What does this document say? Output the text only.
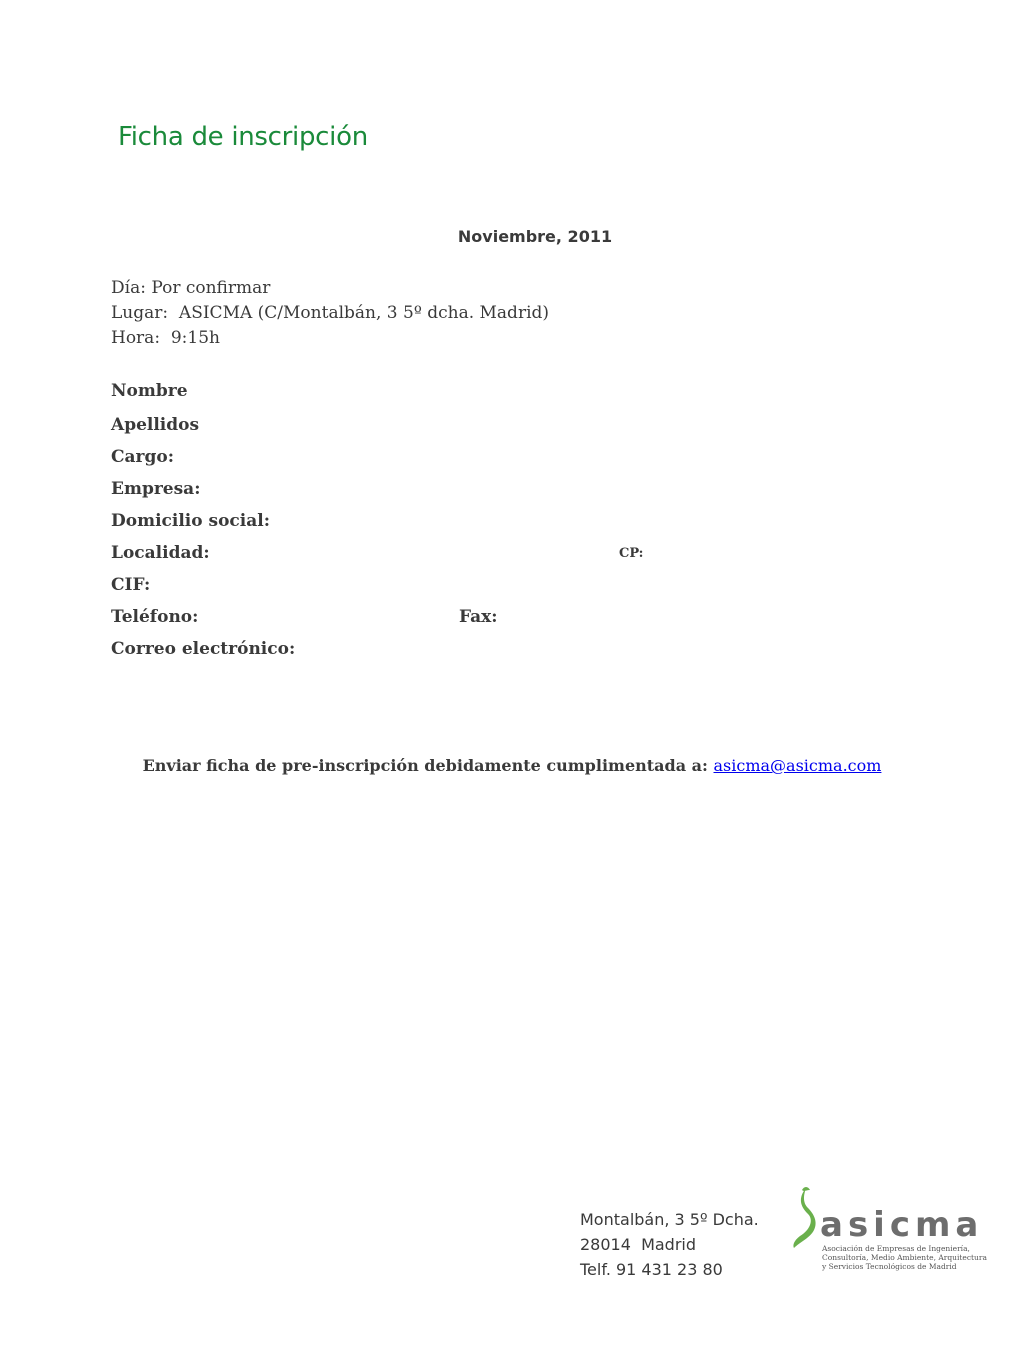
Ficha de inscripción
Noviembre, 2011
Día: Por confirmar
Lugar:  ASICMA (C/Montalbán, 3 5º dcha. Madrid)
Hora:  9:15h
Nombre
Apellidos
Cargo:
Empresa:
Domicilio social:
Localidad:	CP:
CIF:
Teléfono:	Fax:
Correo electrónico:
Enviar ficha de pre-inscripción debidamente cumplimentada a: asicma@asicma.com
Montalbán, 3 5º Dcha.
28014  Madrid
Telf. 91 431 23 80
asicma
Asociación de Empresas de Ingeniería,
Consultoría, Medio Ambiente, Arquitectura
y Servicios Tecnológicos de Madrid
